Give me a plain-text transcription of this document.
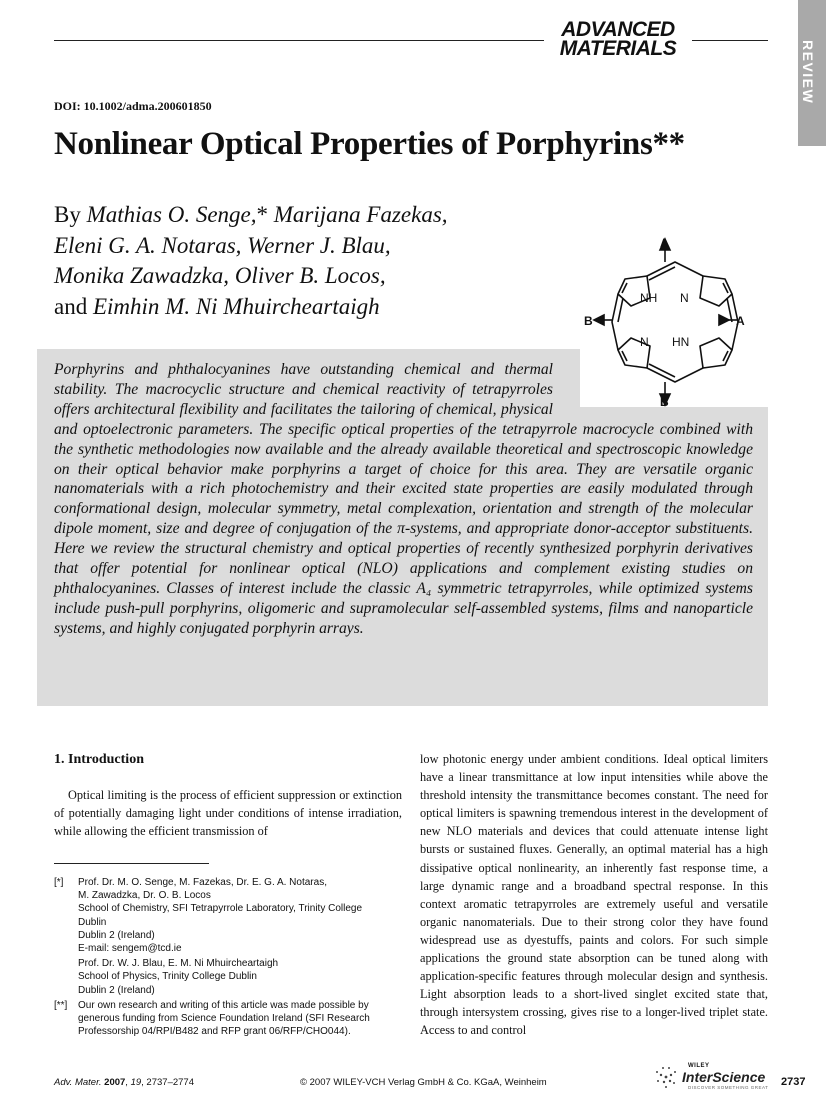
ADVANCED
MATERIALS	REVIEW
DOI: 10.1002/adma.200601850
Nonlinear Optical Properties of Porphyrins**
By Mathias O. Senge,* Marijana Fazekas,
Eleni G. A. Notaras, Werner J. Blau,
Monika Zawadzka, Oliver B. Locos,
and Eimhin M. Ni Mhuircheartaigh
Porphyrins and phthalocyanines have outstanding chemical and thermal stability. The macrocyclic structure and chemical reactivity of tetrapyrroles offers architectural flexibility and facilitates the tailoring of chemical, physical and optoelectronic parameters. The specific optical properties of the tetrapyrrole macrocycle combined with the synthetic methodologies now available and the already available theoretical and spectroscopic knowledge on their optical behavior make porphyrins a target of choice for this area. They are versatile organic nanomaterials with a rich photochemistry and their excited state properties are easily modulated through conformational design, molecular symmetry, metal complexation, orientation and strength of the molecular dipole moment, size and degree of conjugation of the π-systems, and appropriate donor-acceptor substituents. Here we review the structural chemistry and optical properties of recently synthesized porphyrin derivatives that offer potential for nonlinear optical (NLO) applications and complement existing studies on phthalocyanines. Classes of interest include the classic A₄ symmetric tetrapyrroles, while optimized systems include push-pull porphyrins, oligomeric and supramolecular self-assembled systems, films and nanoparticle systems, and highly conjugated porphyrin arrays.
A
B	A
B
NH N
N HN
1. Introduction

Optical limiting is the process of efficient suppression or extinction of potentially damaging light under conditions of intense irradiation, while allowing the efficient transmission of

low photonic energy under ambient conditions. Ideal optical limiters have a linear transmittance at low input intensities while above the threshold intensity the transmittance becomes constant. The need for optical limiters is spawning tremendous interest in the development of new NLO materials and devices that could attenuate intense light bursts or sustained fluxes. Generally, an optimal material has a high dissipative optical nonlinearity, an inherently fast response time, a large dynamic range and a broadband spectral response. In this context aromatic tetrapyrroles are extremely useful and versatile organic nanomaterials. Due to their strong color they have found widespread use as dyestuffs, paints and colors. For such simple applications the ground state absorption can be tuned along with application-specific features through molecular design and synthesis. Light absorption leads to a short-lived singlet excited state that, through intersystem crossing, gives rise to a longer-lived triplet state. Access to and control

[*]	Prof. Dr. M. O. Senge, M. Fazekas, Dr. E. G. A. Notaras,
M. Zawadzka, Dr. O. B. Locos
School of Chemistry, SFI Tetrapyrrole Laboratory, Trinity College
Dublin
Dublin 2 (Ireland)
E-mail: sengem@tcd.ie
Prof. Dr. W. J. Blau, E. M. Ni Mhuircheartaigh
School of Physics, Trinity College Dublin
Dublin 2 (Ireland)
[**]	Our own research and writing of this article was made possible by
generous funding from Science Foundation Ireland (SFI Research
Professorship 04/RPI/B482 and RFP grant 06/RFP/CHO044).
Adv. Mater. 2007, 19, 2737–2774	© 2007 WILEY-VCH Verlag GmbH & Co. KGaA, Weinheim
WILEY
InterScience
DISCOVER SOMETHING GREAT 2737
